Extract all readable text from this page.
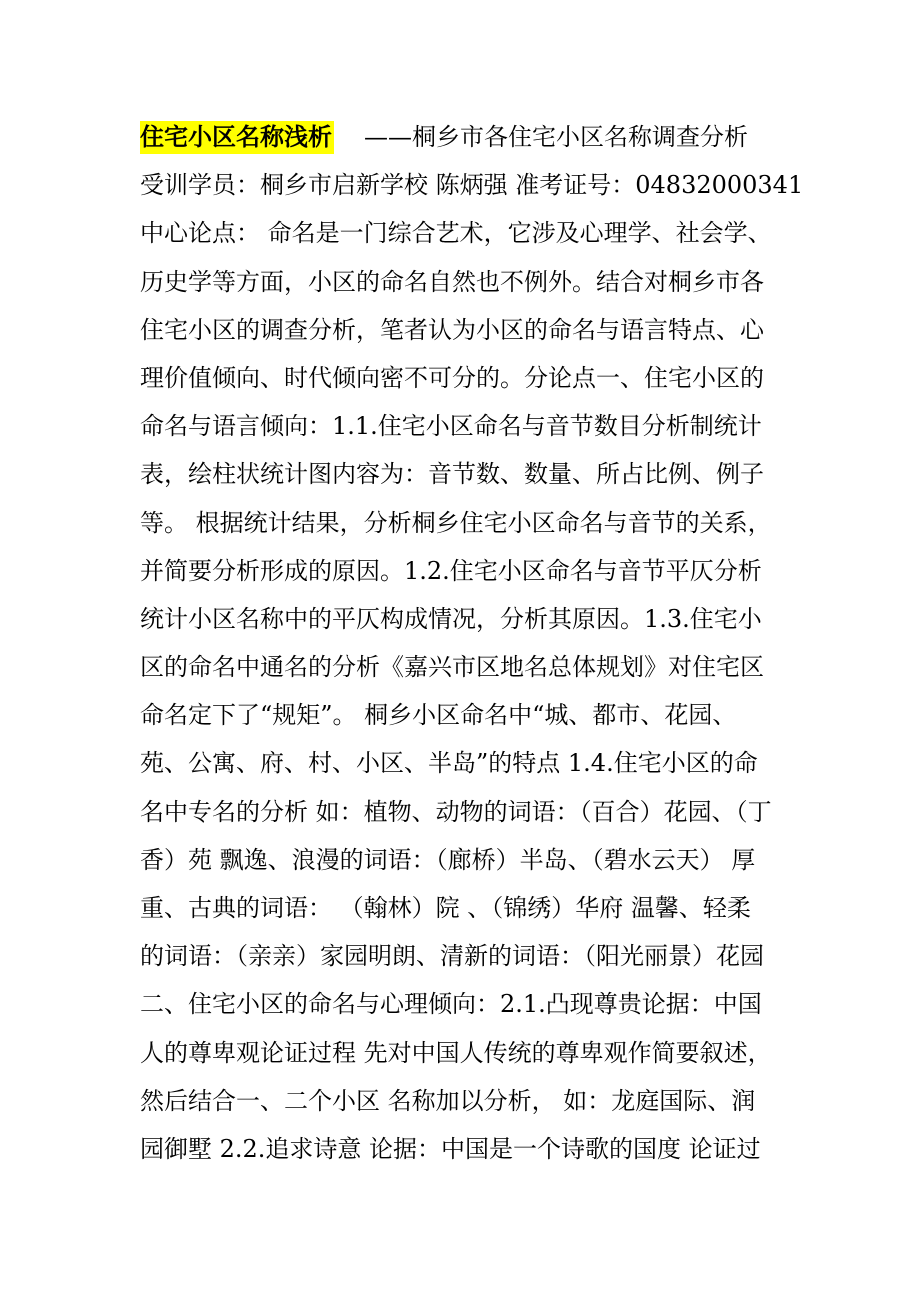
住宅小区名称浅析 ——桐乡市各住宅小区名称调查分析
受训学员：桐乡市启新学校 陈炳强 准考证号：04832000341
中心论点： 命名是一门综合艺术，它涉及心理学、社会学、
历史学等方面，小区的命名自然也不例外。结合对桐乡市各
住宅小区的调查分析，笔者认为小区的命名与语言特点、心
理价值倾向、时代倾向密不可分的。分论点一、住宅小区的
命名与语言倾向：1.1.住宅小区命名与音节数目分析制统计
表，绘柱状统计图内容为：音节数、数量、所占比例、例子
等。 根据统计结果，分析桐乡住宅小区命名与音节的关系，
并简要分析形成的原因。1.2.住宅小区命名与音节平仄分析
统计小区名称中的平仄构成情况，分析其原因。1.3.住宅小
区的命名中通名的分析《嘉兴市区地名总体规划》对住宅区
命名定下了“规矩”。 桐乡小区命名中“城、都市、花园、
苑、公寓、府、村、小区、半岛”的特点 1.4.住宅小区的命
名中专名的分析 如：植物、动物的词语：（百合）花园、（丁
香）苑 飘逸、浪漫的词语：（廊桥）半岛、（碧水云天） 厚
重、古典的词语： （翰林）院 、（锦绣）华府 温馨、轻柔
的词语：（亲亲）家园明朗、清新的词语：（阳光丽景）花园
二、住宅小区的命名与心理倾向：2.1.凸现尊贵论据：中国
人的尊卑观论证过程 先对中国人传统的尊卑观作简要叙述，
然后结合一、二个小区 名称加以分析， 如：龙庭国际、润
园御墅 2.2.追求诗意 论据：中国是一个诗歌的国度 论证过
